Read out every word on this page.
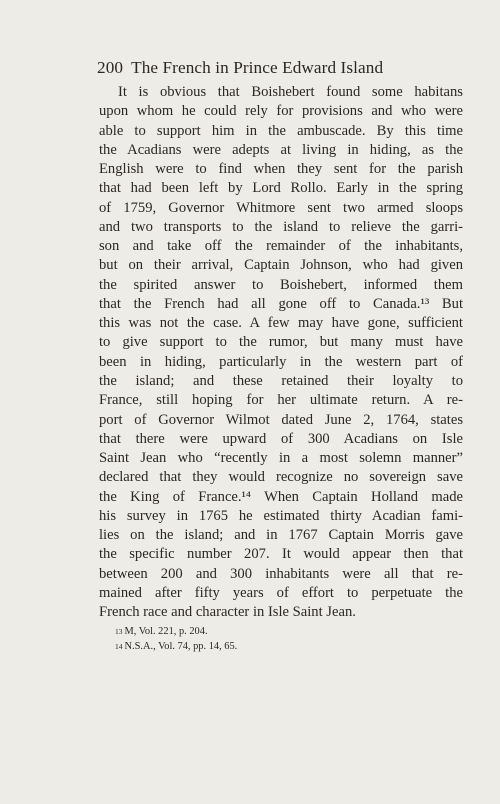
200 The French in Prince Edward Island
It is obvious that Boishebert found some habitans
upon whom he could rely for provisions and who were
able to support him in the ambuscade. By this time
the Acadians were adepts at living in hiding, as the
English were to find when they sent for the parish
that had been left by Lord Rollo. Early in the spring
of 1759, Governor Whitmore sent two armed sloops
and two transports to the island to relieve the garri-
son and take off the remainder of the inhabitants,
but on their arrival, Captain Johnson, who had given
the spirited answer to Boishebert, informed them
that the French had all gone off to Canada.¹³ But
this was not the case. A few may have gone, sufficient
to give support to the rumor, but many must have
been in hiding, particularly in the western part of
the island; and these retained their loyalty to
France, still hoping for her ultimate return. A re-
port of Governor Wilmot dated June 2, 1764, states
that there were upward of 300 Acadians on Isle
Saint Jean who “recently in a most solemn manner”
declared that they would recognize no sovereign save
the King of France.¹⁴ When Captain Holland made
his survey in 1765 he estimated thirty Acadian fami-
lies on the island; and in 1767 Captain Morris gave
the specific number 207. It would appear then that
between 200 and 300 inhabitants were all that re-
mained after fifty years of effort to perpetuate the
French race and character in Isle Saint Jean.
13 M, Vol. 221, p. 204.
14 N.S.A., Vol. 74, pp. 14, 65.
